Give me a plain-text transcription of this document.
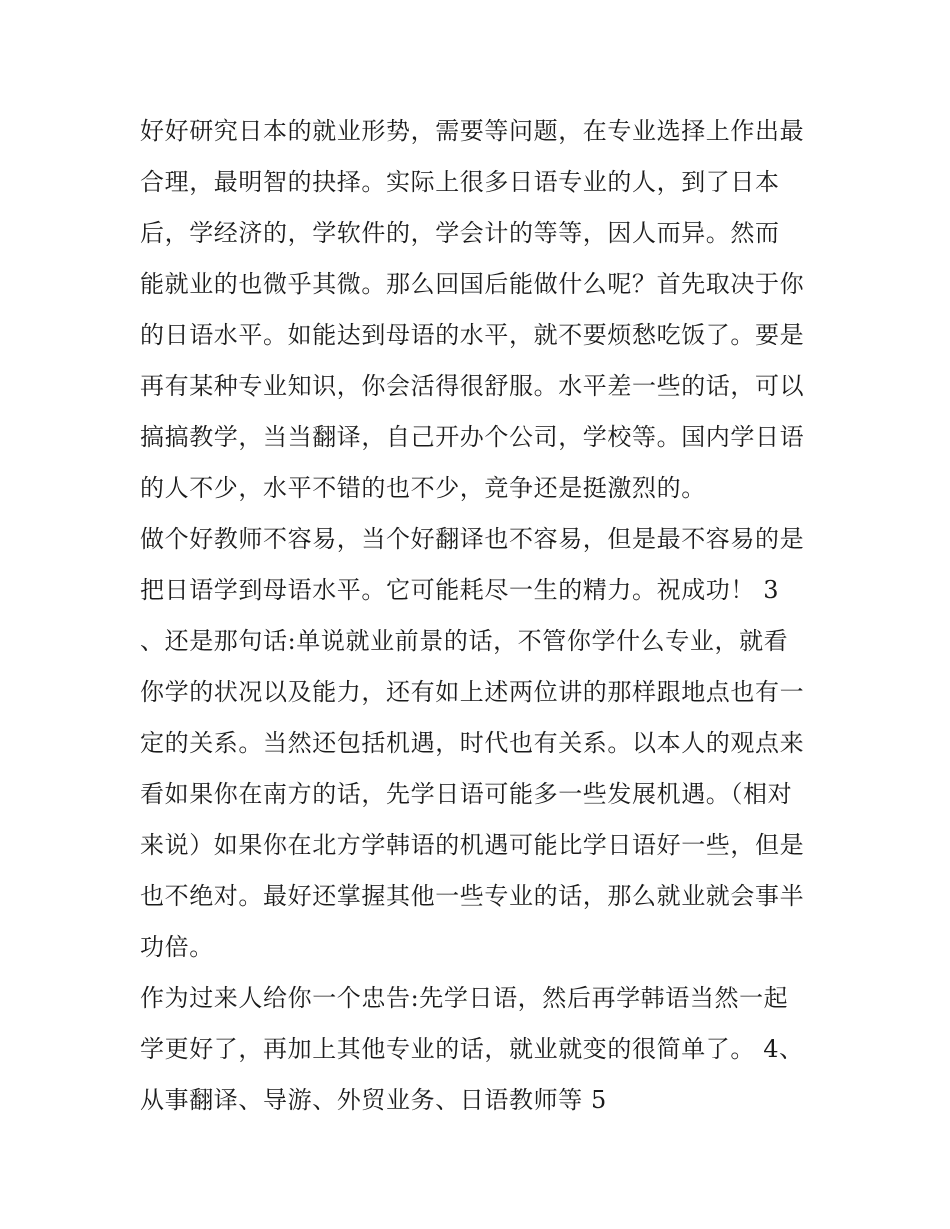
好好研究日本的就业形势，需要等问题，在专业选择上作出最
合理，最明智的抉择。实际上很多日语专业的人，到了日本
后，学经济的，学软件的，学会计的等等，因人而异。然而
能就业的也微乎其微。那么回国后能做什么呢？首先取决于你
的日语水平。如能达到母语的水平，就不要烦愁吃饭了。要是
再有某种专业知识，你会活得很舒服。水平差一些的话，可以
搞搞教学，当当翻译，自己开办个公司，学校等。国内学日语
的人不少，水平不错的也不少，竞争还是挺激烈的。
做个好教师不容易，当个好翻译也不容易，但是最不容易的是
把日语学到母语水平。它可能耗尽一生的精力。祝成功！ 3
、还是那句话:单说就业前景的话，不管你学什么专业，就看
你学的状况以及能力，还有如上述两位讲的那样跟地点也有一
定的关系。当然还包括机遇，时代也有关系。以本人的观点来
看如果你在南方的话，先学日语可能多一些发展机遇。（相对
来说）如果你在北方学韩语的机遇可能比学日语好一些，但是
也不绝对。最好还掌握其他一些专业的话，那么就业就会事半
功倍。
作为过来人给你一个忠告:先学日语，然后再学韩语当然一起
学更好了，再加上其他专业的话，就业就变的很简单了。 4、
从事翻译、导游、外贸业务、日语教师等 5
